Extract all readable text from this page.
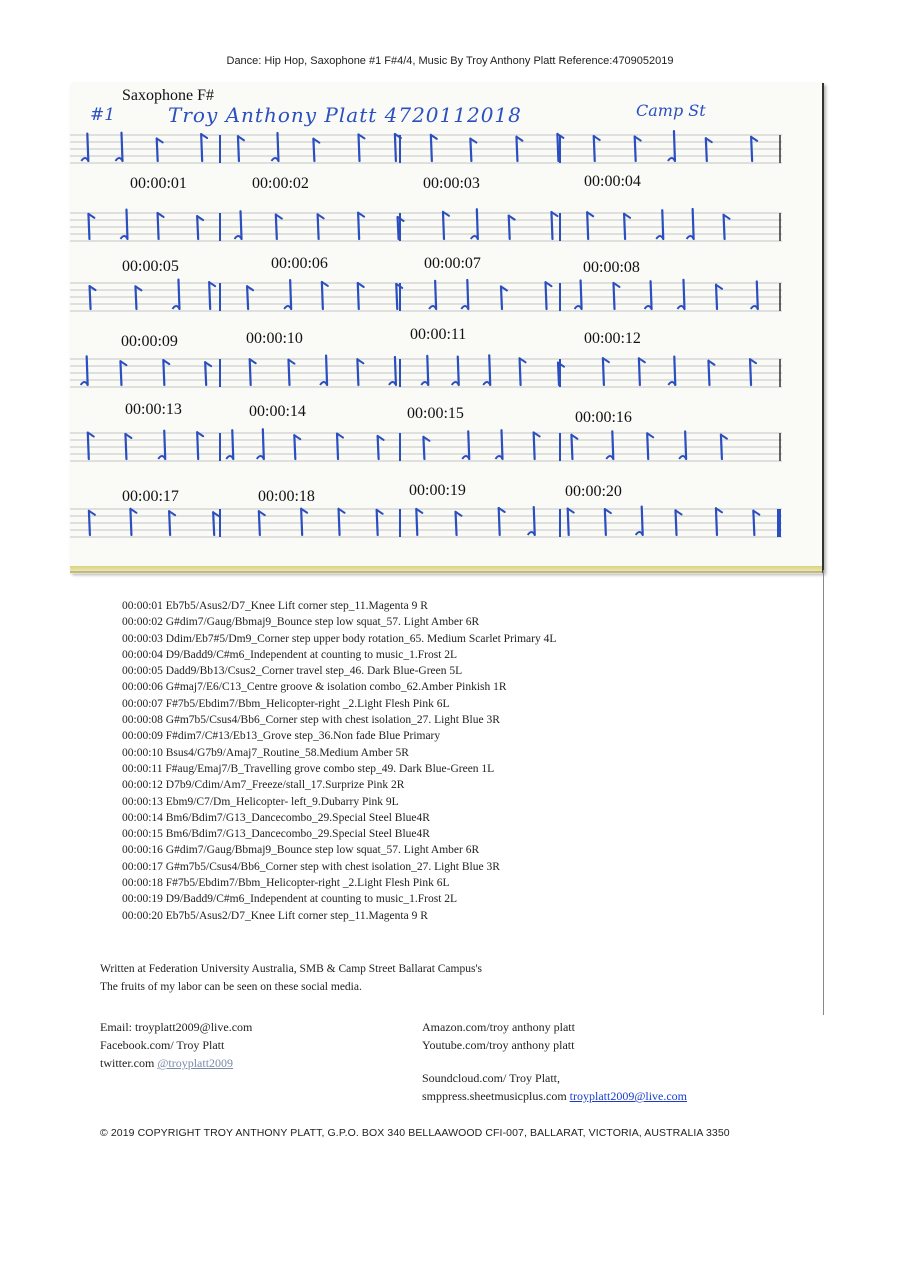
Dance: Hip Hop, Saxophone #1 F#4/4, Music By Troy Anthony Platt Reference:4709052019
Saxophone F#
#1	Troy Anthony Platt 4720112018	Camp St
00:00:01	00:00:02	00:00:03	00:00:04
00:00:05	00:00:06	00:00:07	00:00:08
00:00:09	00:00:10	00:00:11	00:00:12
00:00:13	00:00:14	00:00:15	00:00:16
00:00:17	00:00:18	00:00:19	00:00:20
00:00:01 Eb7b5/Asus2/D7_Knee Lift corner step_11.Magenta 9 R
00:00:02 G#dim7/Gaug/Bbmaj9_Bounce step low squat_57. Light Amber 6R
00:00:03 Ddim/Eb7#5/Dm9_Corner step upper body rotation_65. Medium Scarlet Primary 4L
00:00:04 D9/Badd9/C#m6_Independent at counting to music_1.Frost 2L
00:00:05 Dadd9/Bb13/Csus2_Corner travel step_46. Dark Blue-Green 5L
00:00:06 G#maj7/E6/C13_Centre groove & isolation combo_62.Amber Pinkish 1R
00:00:07 F#7b5/Ebdim7/Bbm_Helicopter-right _2.Light Flesh Pink 6L
00:00:08 G#m7b5/Csus4/Bb6_Corner step with chest isolation_27. Light Blue 3R
00:00:09 F#dim7/C#13/Eb13_Grove step_36.Non fade Blue Primary
00:00:10 Bsus4/G7b9/Amaj7_Routine_58.Medium Amber 5R
00:00:11 F#aug/Emaj7/B_Travelling grove combo step_49. Dark Blue-Green 1L
00:00:12 D7b9/Cdim/Am7_Freeze/stall_17.Surprize Pink 2R
00:00:13 Ebm9/C7/Dm_Helicopter- left_9.Dubarry Pink 9L
00:00:14 Bm6/Bdim7/G13_Dancecombo_29.Special Steel Blue4R
00:00:15 Bm6/Bdim7/G13_Dancecombo_29.Special Steel Blue4R
00:00:16 G#dim7/Gaug/Bbmaj9_Bounce step low squat_57. Light Amber 6R
00:00:17 G#m7b5/Csus4/Bb6_Corner step with chest isolation_27. Light Blue 3R
00:00:18 F#7b5/Ebdim7/Bbm_Helicopter-right _2.Light Flesh Pink 6L
00:00:19 D9/Badd9/C#m6_Independent at counting to music_1.Frost 2L
00:00:20 Eb7b5/Asus2/D7_Knee Lift corner step_11.Magenta 9 R
Written at Federation University Australia, SMB & Camp Street Ballarat Campus's
The fruits of my labor can be seen on these social media.
Email: troyplatt2009@live.com
Facebook.com/ Troy Platt
twitter.com @troyplatt2009
Amazon.com/troy anthony platt
Youtube.com/troy anthony platt
Soundcloud.com/ Troy Platt,
smppress.sheetmusicplus.com troyplatt2009@live.com
© 2019 COPYRIGHT TROY ANTHONY PLATT, G.P.O. BOX 340 BELLAAWOOD CFI-007, BALLARAT, VICTORIA, AUSTRALIA 3350
